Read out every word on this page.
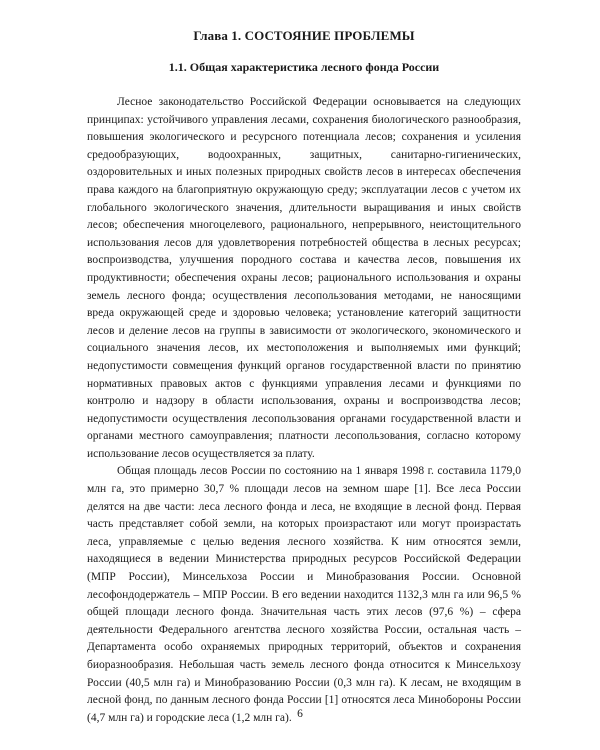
Глава 1. СОСТОЯНИЕ ПРОБЛЕМЫ
1.1. Общая характеристика лесного фонда России

Лесное законодательство Российской Федерации основывается на следующих принципах: устойчивого управления лесами, сохранения биологического разнообразия, повышения экологического и ресурсного потенциала лесов; сохранения и усиления средообразующих, водоохранных, защитных, санитарно-гигиенических, оздоровительных и иных полезных природных свойств лесов в интересах обеспечения права каждого на благоприятную окружающую среду; эксплуатации лесов с учетом их глобального экологического значения, длительности выращивания и иных свойств лесов; обеспечения многоцелевого, рационального, непрерывного, неистощительного использования лесов для удовлетворения потребностей общества в лесных ресурсах; воспроизводства, улучшения породного состава и качества лесов, повышения их продуктивности; обеспечения охраны лесов; рационального использования и охраны земель лесного фонда; осуществления лесопользования методами, не наносящими вреда окружающей среде и здоровью человека; установление категорий защитности лесов и деление лесов на группы в зависимости от экологического, экономического и социального значения лесов, их местоположения и выполняемых ими функций; недопустимости совмещения функций органов государственной власти по принятию нормативных правовых актов с функциями управления лесами и функциями по контролю и надзору в области использования, охраны и воспроизводства лесов; недопустимости осуществления лесопользования органами государственной власти и органами местного самоуправления; платности лесопользования, согласно которому использование лесов осуществляется за плату.

Общая площадь лесов России по состоянию на 1 января 1998 г. составила 1179,0 млн га, это примерно 30,7 % площади лесов на земном шаре [1]. Все леса России делятся на две части: леса лесного фонда и леса, не входящие в лесной фонд. Первая часть представляет собой земли, на которых произрастают или могут произрастать леса, управляемые с целью ведения лесного хозяйства. К ним относятся земли, находящиеся в ведении Министерства природных ресурсов Российской Федерации (МПР России), Минсельхоза России и Минобразования России. Основной лесофондодержатель – МПР России. В его ведении находится 1132,3 млн га или 96,5 % общей площади лесного фонда. Значительная часть этих лесов (97,6 %) – сфера деятельности Федерального агентства лесного хозяйства России, остальная часть – Департамента особо охраняемых природных территорий, объектов и сохранения биоразнообразия. Небольшая часть земель лесного фонда относится к Минсельхозу России (40,5 млн га) и Минобразованию России (0,3 млн га). К лесам, не входящим в лесной фонд, по данным лесного фонда России [1] относятся леса Минобороны России (4,7 млн га) и городские леса (1,2 млн га). 6
